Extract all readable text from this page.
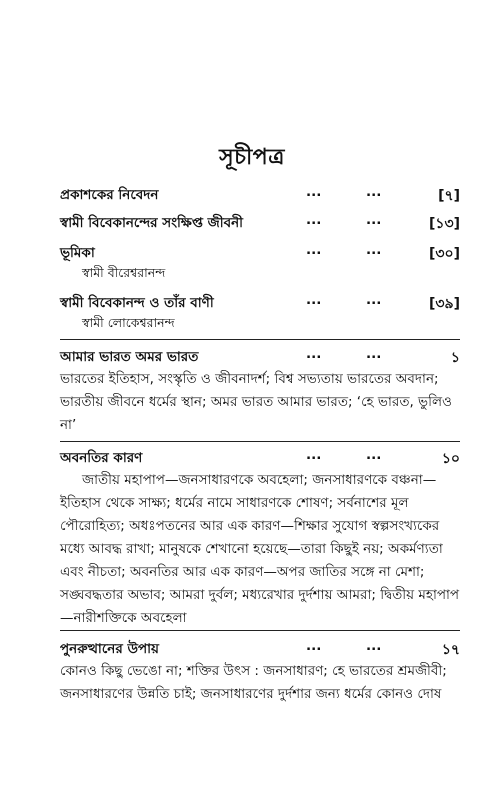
সূচীপত্র
প্রকাশকের নিবেদন	...	...	[৭]
স্বামী বিবেকানন্দের সংক্ষিপ্ত জীবনী	...	...	[১৩]
ভূমিকা	...	...	[৩০]
স্বামী বীরেশ্বরানন্দ
স্বামী বিবেকানন্দ ও তাঁর বাণী	...	...	[৩৯]
স্বামী লোকেশ্বরানন্দ
আমার ভারত অমর ভারত	...	...	১

ভারতের ইতিহাস, সংস্কৃতি ও জীবনাদর্শ; বিশ্ব সভ্যতায় ভারতের অবদান; ভারতীয় জীবনে ধর্মের স্থান; অমর ভারত আমার ভারত; ‘হে ভারত, ভুলিও না’

অবনতির কারণ	...	...	১০

জাতীয় মহাপাপ—জনসাধারণকে অবহেলা; জনসাধারণকে বঞ্চনা—ইতিহাস থেকে সাক্ষ্য; ধর্মের নামে সাধারণকে শোষণ; সর্বনাশের মূল পৌরোহিত্য; অধঃপতনের আর এক কারণ—শিক্ষার সুযোগ স্বল্পসংখ্যকের মধ্যে আবদ্ধ রাখা; মানুষকে শেখানো হয়েছে—তারা কিছুই নয়; অকর্মণ্যতা এবং নীচতা; অবনতির আর এক কারণ—অপর জাতির সঙ্গে না মেশা; সঙ্ঘবদ্ধতার অভাব; আমরা দুর্বল; মধ্যরেখার দুর্দশায় আমরা; দ্বিতীয় মহাপাপ—নারীশক্তিকে অবহেলা

পুনরুত্থানের উপায়	...	...	১৭

কোনও কিছু ভেঙো না; শক্তির উৎস : জনসাধারণ; হে ভারতের শ্রমজীবী; জনসাধারণের উন্নতি চাই; জনসাধারণের দুর্দশার জন্য ধর্মের কোনও দোষ
